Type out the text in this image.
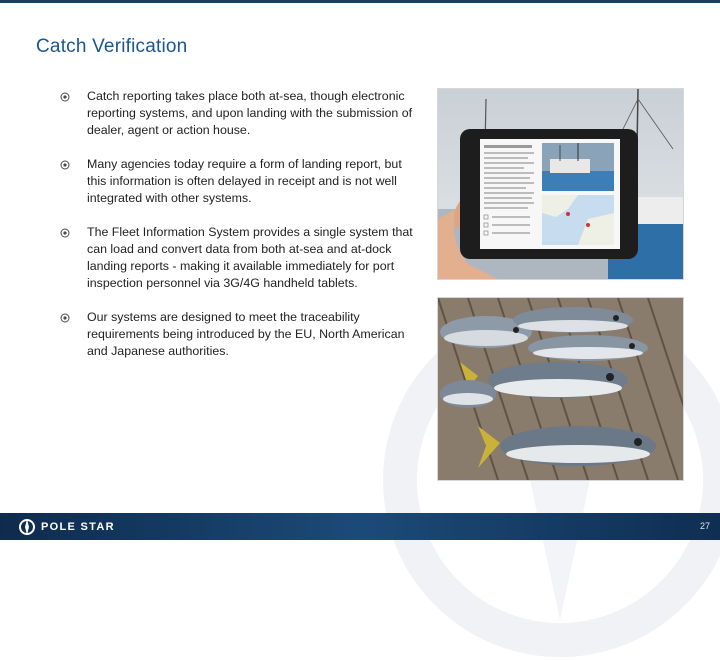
Catch Verification
Catch reporting takes place both at-sea, though electronic reporting systems, and upon landing with the submission of dealer, agent or action house.
Many agencies today require a form of landing report, but this information is often delayed in receipt and is not well integrated with other systems.
The Fleet Information System provides a single system that can load and convert data from both at-sea and at-dock landing reports - making it available immediately for port inspection personnel via 3G/4G handheld tablets.
Our systems are designed to meet the traceability requirements being introduced by the EU, North American and Japanese authorities.
POLE STAR	27
